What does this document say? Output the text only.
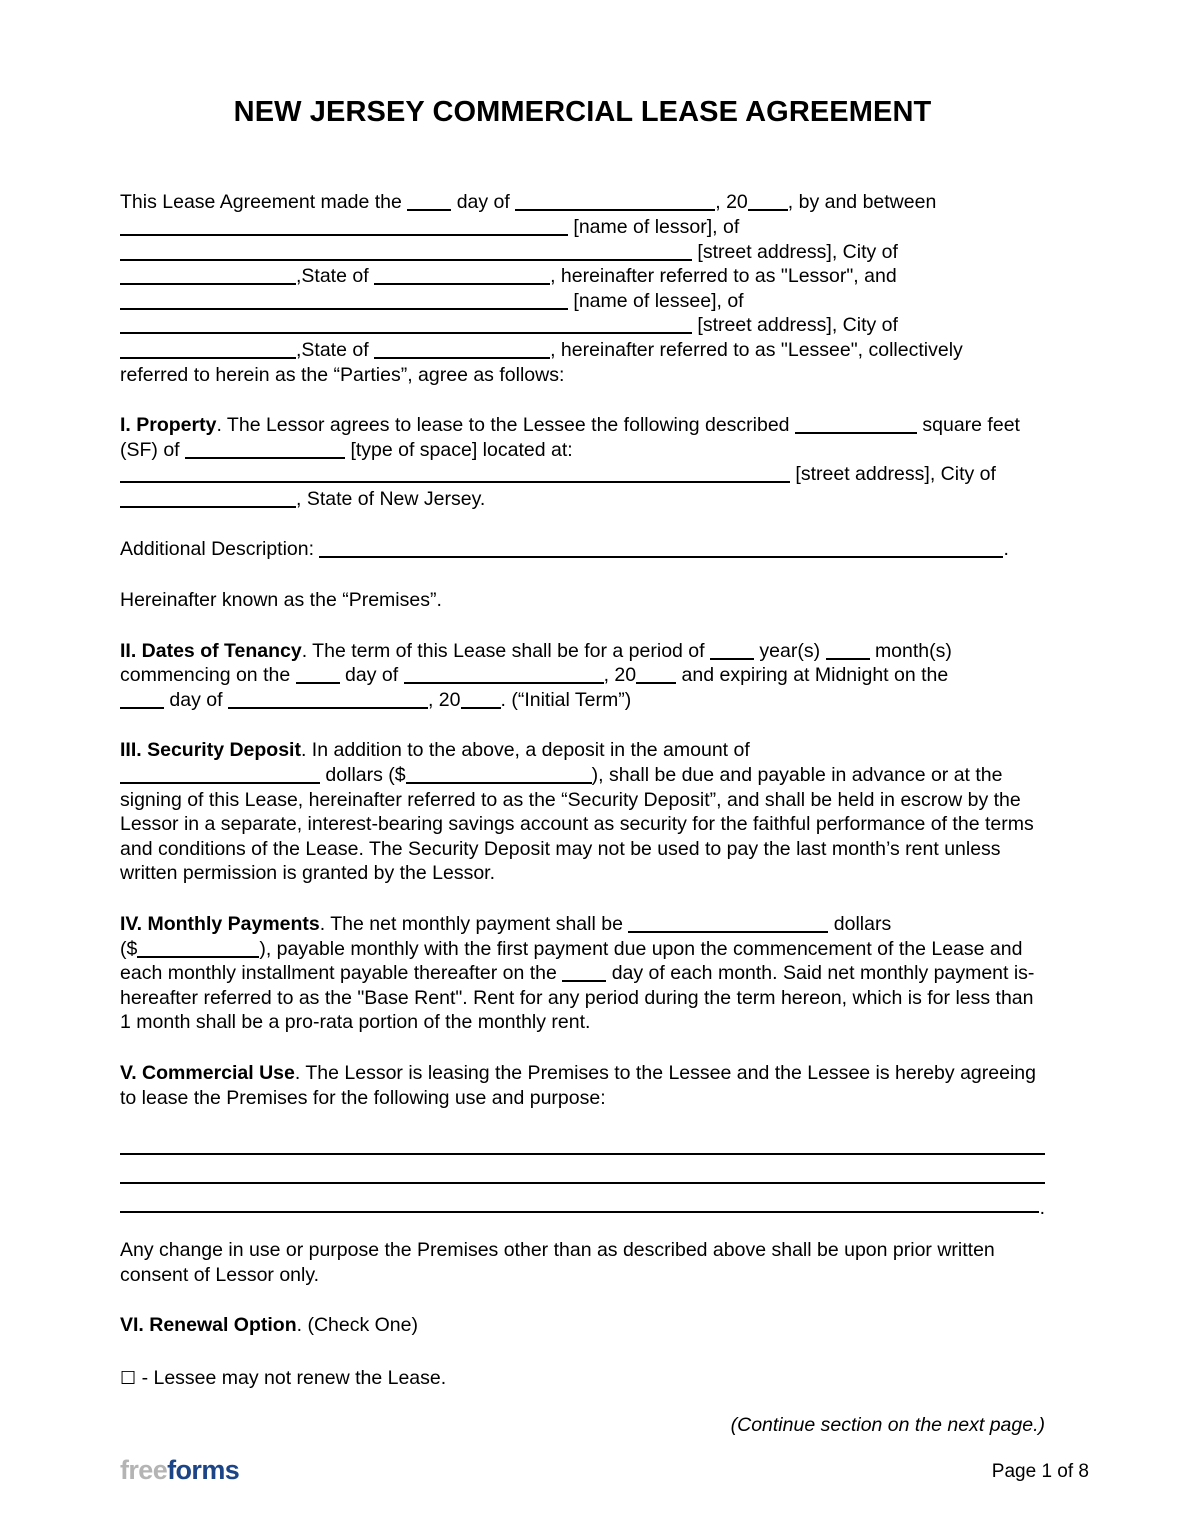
NEW JERSEY COMMERCIAL LEASE AGREEMENT
This Lease Agreement made the	day of	, 20 , by and between
[name of lessor], of
[street address], City of
,State of	, hereinafter referred to as "Lessor", and
[name of lessee], of
[street address], City of
,State of	, hereinafter referred to as "Lessee", collectively
referred to herein as the “Parties”, agree as follows:
I. Property. The Lessor agrees to lease to the Lessee the following described	square feet (SF) of	[type of space] located at:
[street address], City of
, State of New Jersey.
Additional Description:	.
Hereinafter known as the “Premises”.
II. Dates of Tenancy. The term of this Lease shall be for a period of	year(s)	month(s) commencing on the	day of	, 20 and expiring at Midnight on the
day of	, 20 . (“Initial Term”)
III. Security Deposit. In addition to the above, a deposit in the amount of
dollars ($	), shall be due and payable in advance or at the signing of this Lease, hereinafter referred to as the “Security Deposit”, and shall be held in escrow by the Lessor in a separate, interest-bearing savings account as security for the faithful performance of the terms and conditions of the Lease. The Security Deposit may not be used to pay the last month’s rent unless written permission is granted by the Lessor.
IV. Monthly Payments. The net monthly payment shall be	dollars
($	), payable monthly with the first payment due upon the commencement of the Lease and each monthly installment payable thereafter on the	day of each month. Said net monthly payment is-hereafter referred to as the "Base Rent". Rent for any period during the term hereon, which is for less than 1 month shall be a pro-rata portion of the monthly rent.
V. Commercial Use. The Lessor is leasing the Premises to the Lessee and the Lessee is hereby agreeing to lease the Premises for the following use and purpose:
.
Any change in use or purpose the Premises other than as described above shall be upon prior written consent of Lessor only.
VI. Renewal Option. (Check One)
☐ - Lessee may not renew the Lease.
(Continue section on the next page.)
freeforms	Page 1 of 8
